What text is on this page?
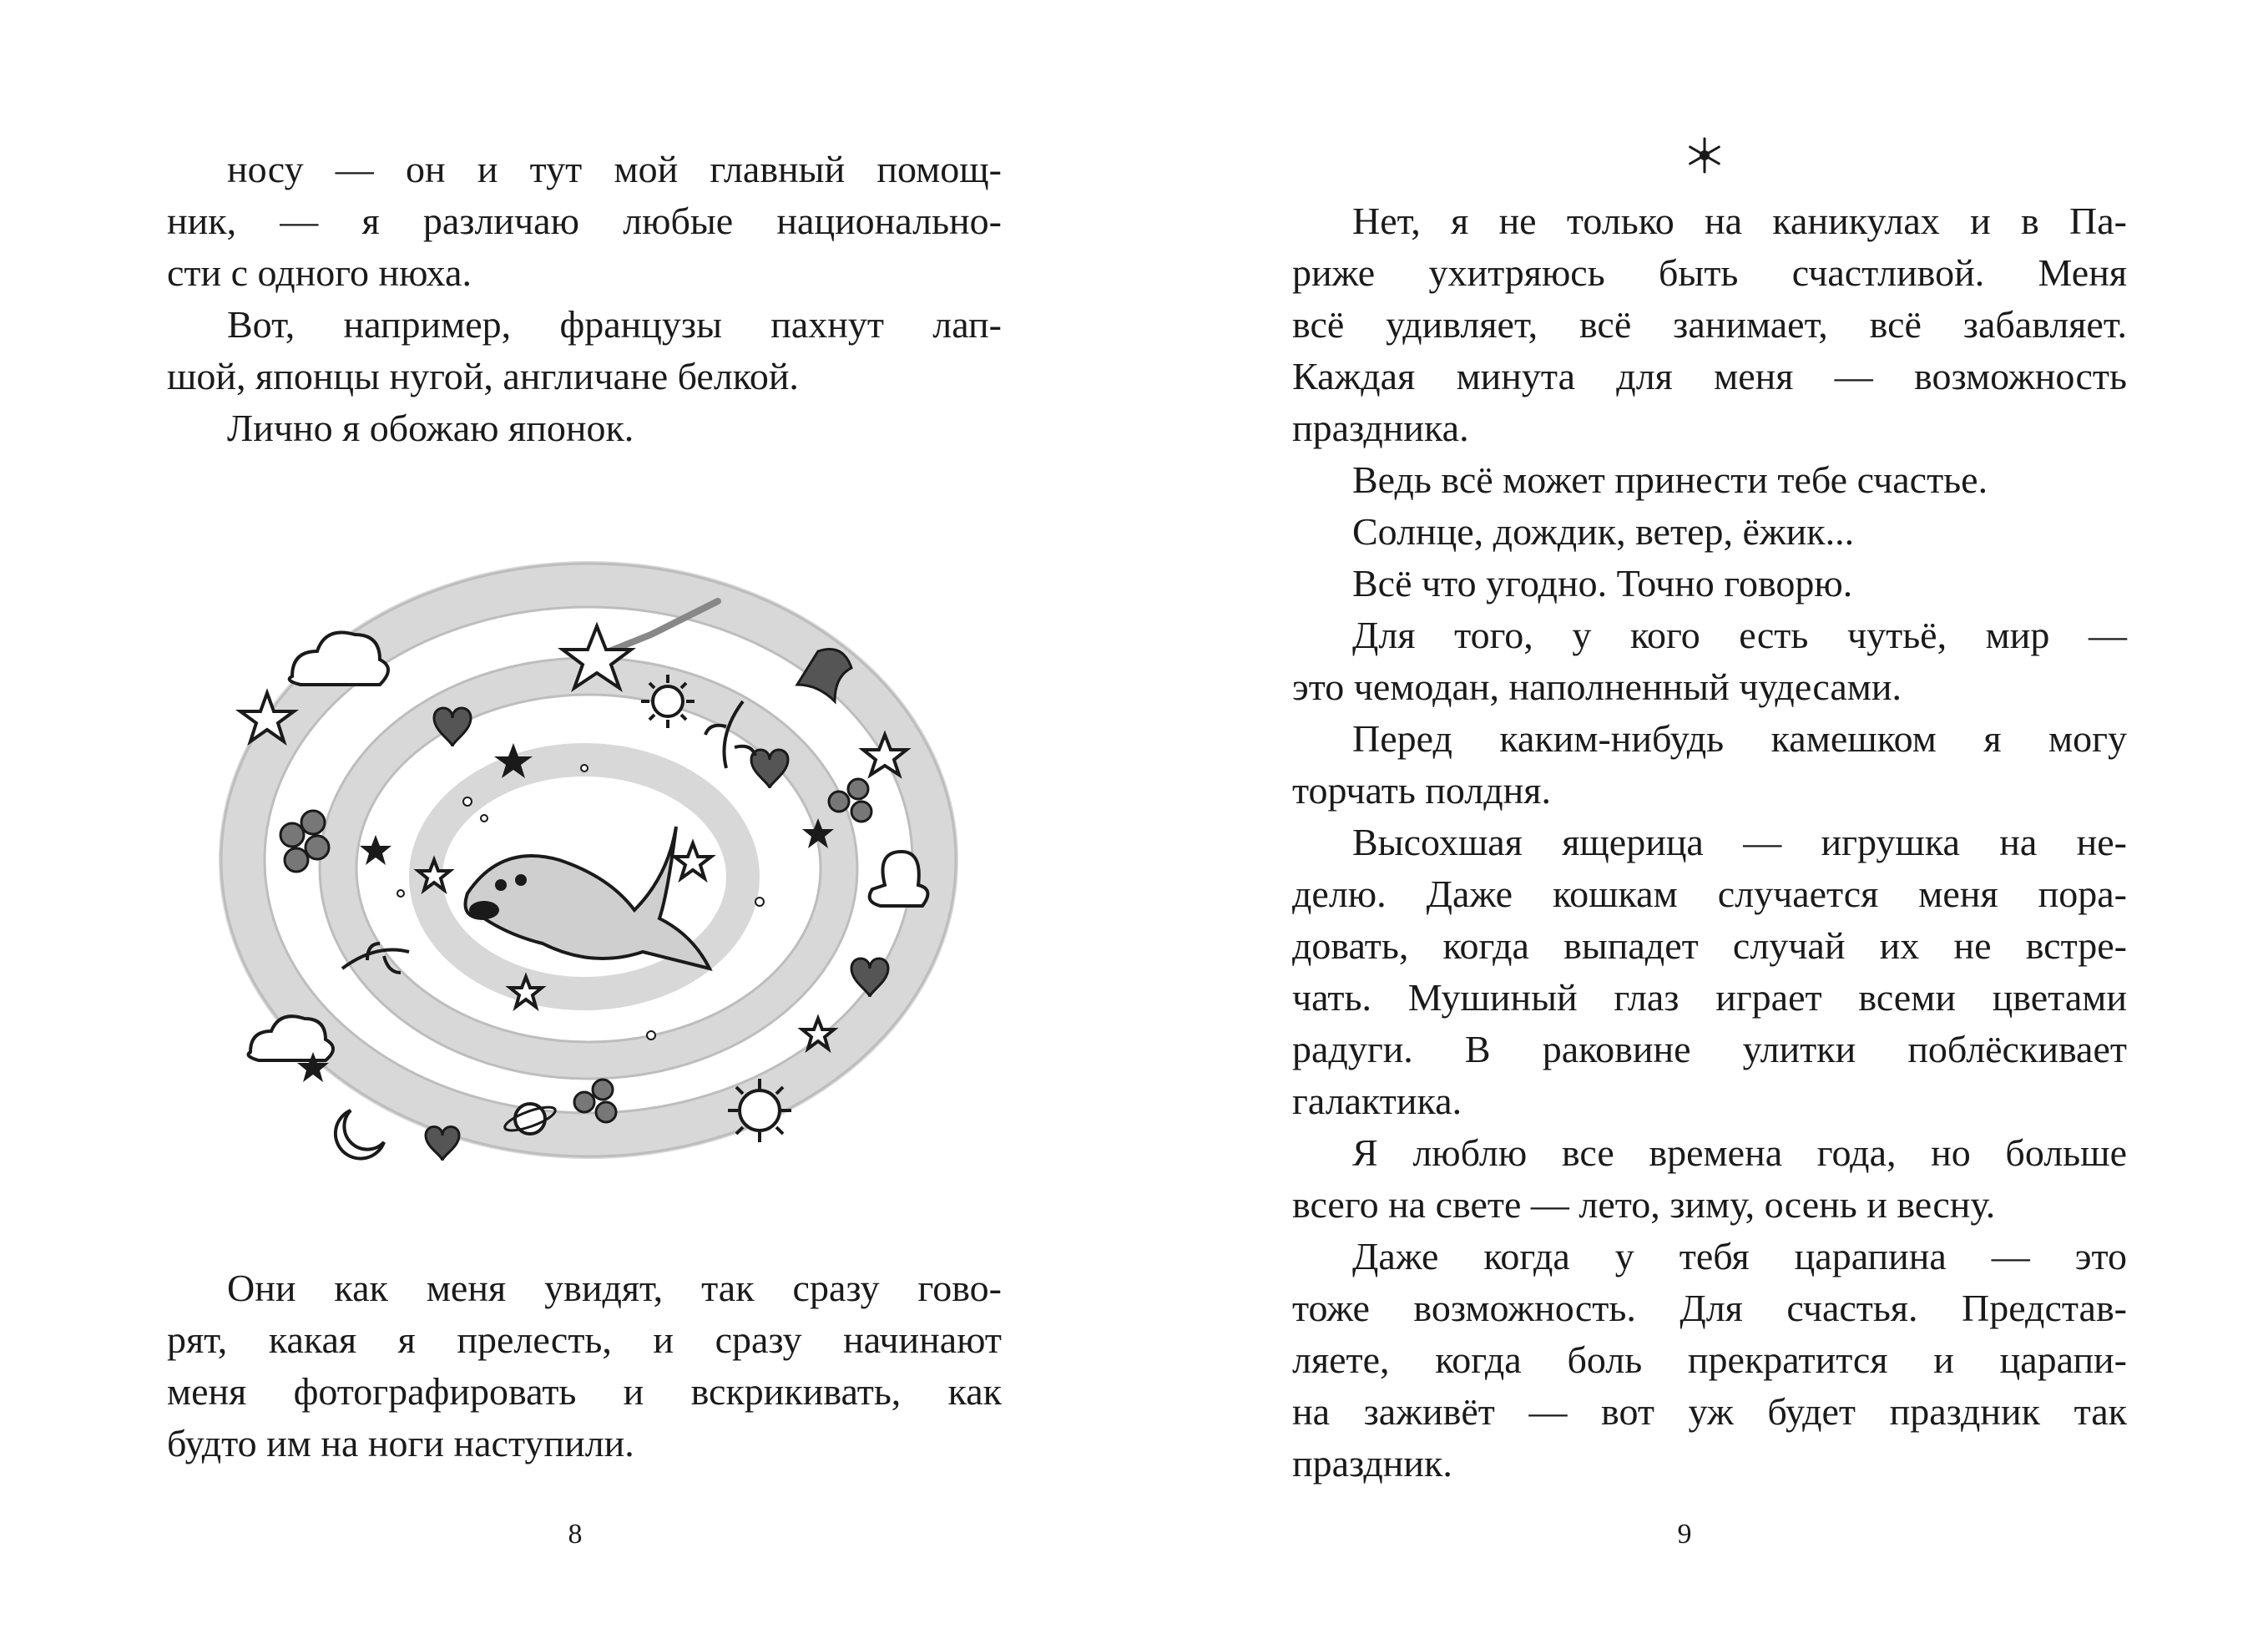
носу — он и тут мой главный помощ-
ник, — я различаю любые национально-
сти с одного нюха.
Вот, например, французы пахнут лап-
шой, японцы нугой, англичане белкой.
Лично я обожаю японок.
Они как меня увидят, так сразу гово-
рят, какая я прелесть, и сразу начинают
меня фотографировать и вскрикивать, как
будто им на ноги наступили.
8
Нет, я не только на каникулах и в Па-
риже ухитряюсь быть счастливой. Меня
всё удивляет, всё занимает, всё забавляет.
Каждая минута для меня — возможность
праздника.
Ведь всё может принести тебе счастье.
Солнце, дождик, ветер, ёжик...
Всё что угодно. Точно говорю.
Для того, у кого есть чутьё, мир —
это чемодан, наполненный чудесами.
Перед каким-нибудь камешком я могу
торчать полдня.
Высохшая ящерица — игрушка на не-
делю. Даже кошкам случается меня пора-
довать, когда выпадет случай их не встре-
чать. Мушиный глаз играет всеми цветами
радуги. В раковине улитки поблёскивает
галактика.
Я люблю все времена года, но больше
всего на свете — лето, зиму, осень и весну.
Даже когда у тебя царапина — это
тоже возможность. Для счастья. Представ-
ляете, когда боль прекратится и царапи-
на заживёт — вот уж будет праздник так
праздник.
9
